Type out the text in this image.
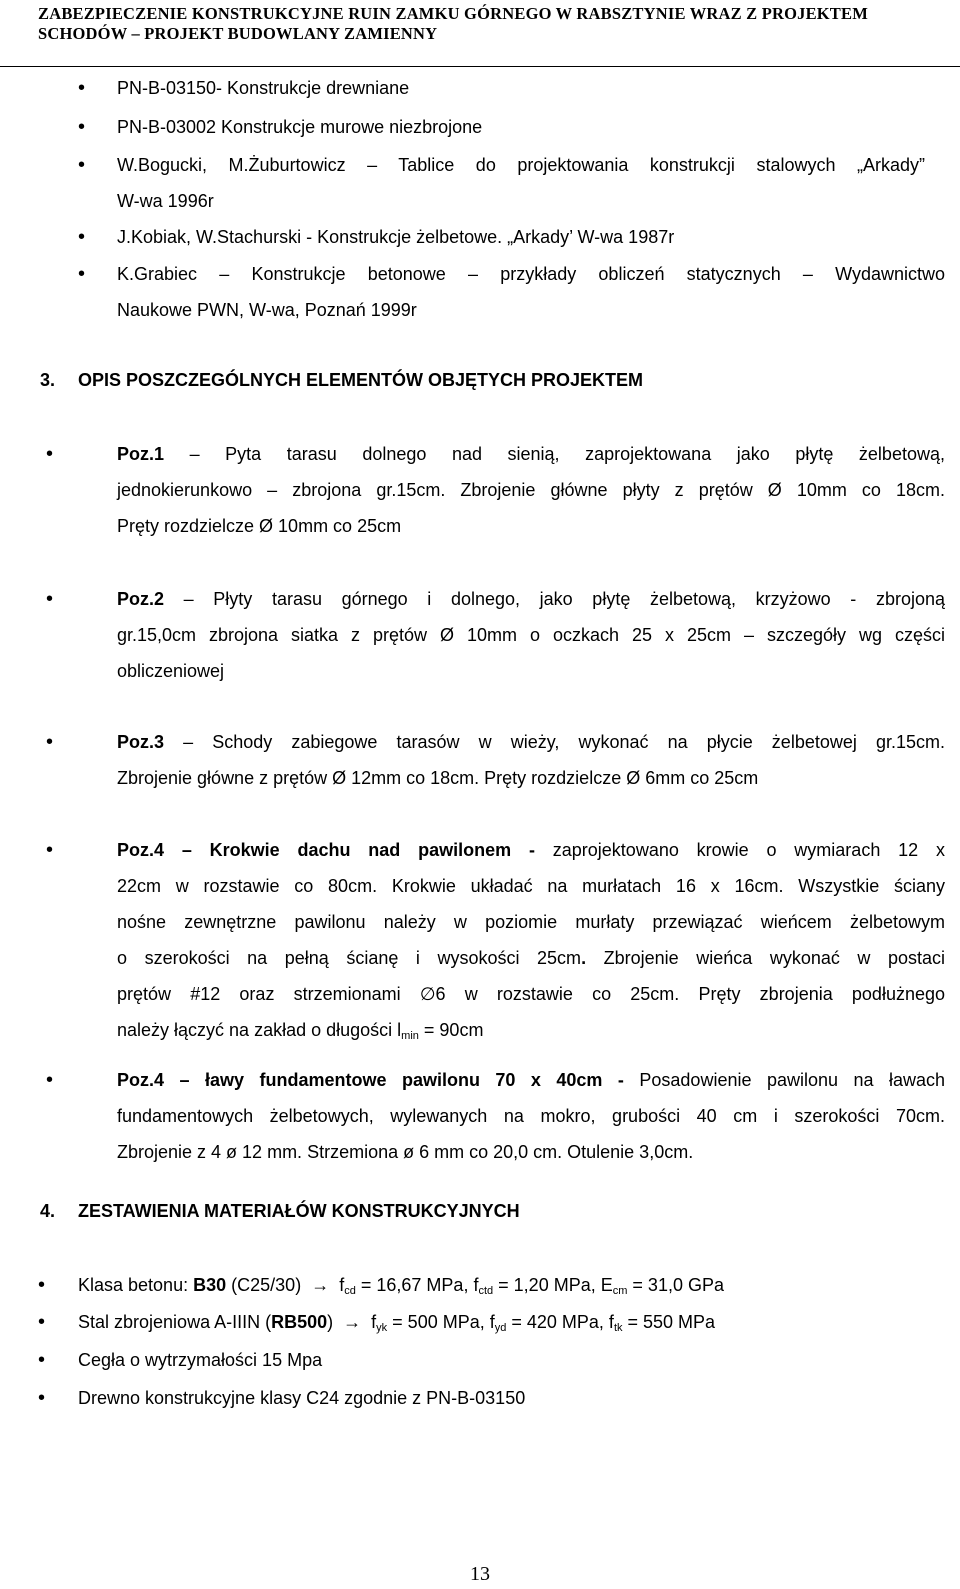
ZABEZPIECZENIE KONSTRUKCYJNE RUIN ZAMKU GÓRNEGO W RABSZTYNIE WRAZ Z PROJEKTEM
SCHODÓW – PROJEKT BUDOWLANY ZAMIENNY
• PN-B-03150- Konstrukcje drewniane
• PN-B-03002 Konstrukcje murowe niezbrojone
• W.Bogucki, M.Żuburtowicz – Tablice do projektowania konstrukcji stalowych „Arkady”
W-wa 1996r
• J.Kobiak, W.Stachurski - Konstrukcje żelbetowe. „Arkady’ W-wa 1987r
• K.Grabiec – Konstrukcje betonowe – przykłady obliczeń statycznych – Wydawnictwo
Naukowe PWN, W-wa, Poznań 1999r
3. OPIS POSZCZEGÓLNYCH ELEMENTÓW OBJĘTYCH PROJEKTEM
•	Poz.1 – Pyta tarasu dolnego nad sienią, zaprojektowana jako płytę żelbetową,
jednokierunkowo – zbrojona gr.15cm. Zbrojenie główne płyty z prętów Ø 10mm co 18cm.
Pręty rozdzielcze Ø 10mm co 25cm
•	Poz.2 – Płyty tarasu górnego i dolnego, jako płytę żelbetową, krzyżowo - zbrojoną
gr.15,0cm zbrojona siatka z prętów Ø 10mm o oczkach 25 x 25cm – szczegóły wg części
obliczeniowej
•	Poz.3 – Schody zabiegowe tarasów w wieży, wykonać na płycie żelbetowej gr.15cm.
Zbrojenie główne z prętów Ø 12mm co 18cm. Pręty rozdzielcze Ø 6mm co 25cm
•	Poz.4 – Krokwie dachu nad pawilonem - zaprojektowano krowie o wymiarach 12 x
22cm w rozstawie co 80cm. Krokwie układać na murłatach 16 x 16cm. Wszystkie ściany
nośne zewnętrzne pawilonu należy w poziomie murłaty przewiązać wieńcem żelbetowym
o szerokości na pełną ścianę i wysokości 25cm. Zbrojenie wieńca wykonać w postaci
prętów #12 oraz strzemionami ∅6 w rozstawie co 25cm. Pręty zbrojenia podłużnego
należy łączyć na zakład o długości $l_{min} = 90cm$
•	Poz.4 – ławy fundamentowe pawilonu 70 x 40cm - Posadowienie pawilonu na ławach
fundamentowych żelbetowych, wylewanych na mokro, grubości 40 cm i szerokości 70cm.
Zbrojenie z 4 ø 12 mm. Strzemiona ø 6 mm co 20,0 cm. Otulenie 3,0cm.
4. ZESTAWIENIA MATERIAŁÓW KONSTRUKCYJNYCH
• Klasa betonu: B30 $(C25/30) \to f_{cd} = 16,67$ MPa, $f_{ctd} = 1,20$ MPa, $E_{cm} = 31,0$ GPa
• Stal zbrojeniowa A-IIIN $(RB500) \to f_{yk} = 500$ MPa, $f_{yd} = 420$ MPa, $f_{tk} = 550$ MPa
• Cegła o wytrzymałości 15 Mpa
• Drewno konstrukcyjne klasy C24 zgodnie z PN-B-03150
13
